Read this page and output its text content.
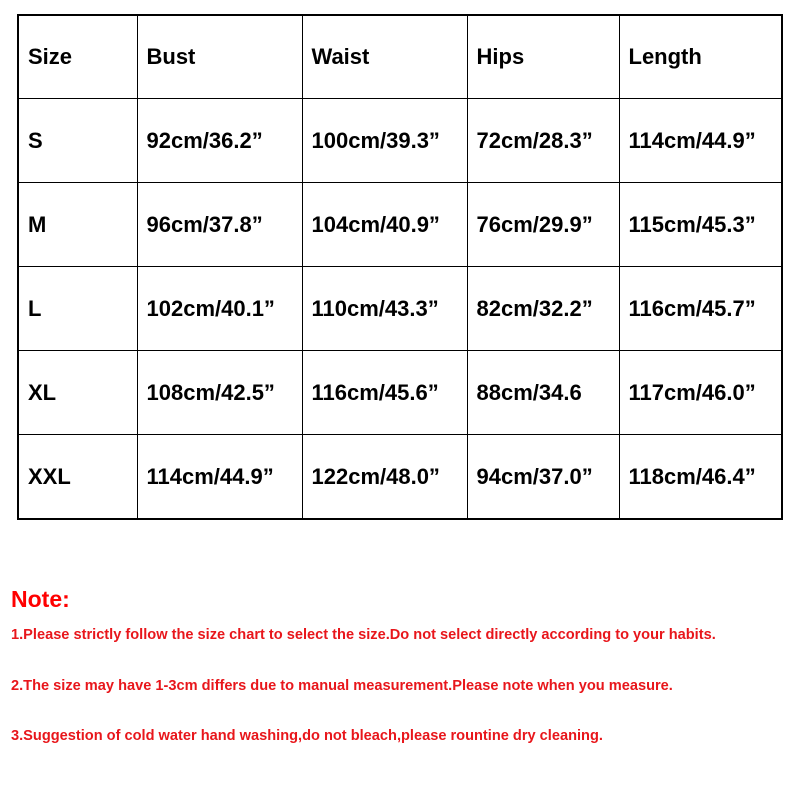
Size	Bust	Waist	Hips	Length
S	92cm/36.2”	100cm/39.3”	72cm/28.3”	114cm/44.9”
M	96cm/37.8”	104cm/40.9”	76cm/29.9”	115cm/45.3”
L	102cm/40.1”	110cm/43.3”	82cm/32.2”	116cm/45.7”
XL	108cm/42.5”	116cm/45.6”	88cm/34.6	117cm/46.0”
XXL	114cm/44.9”	122cm/48.0”	94cm/37.0”	118cm/46.4”
Note:
1.Please strictly follow the size chart to select the size.Do not select directly according to your habits.
2.The size may have 1-3cm differs due to manual measurement.Please note when you measure.
3.Suggestion of cold water hand washing,do not bleach,please rountine dry cleaning.
